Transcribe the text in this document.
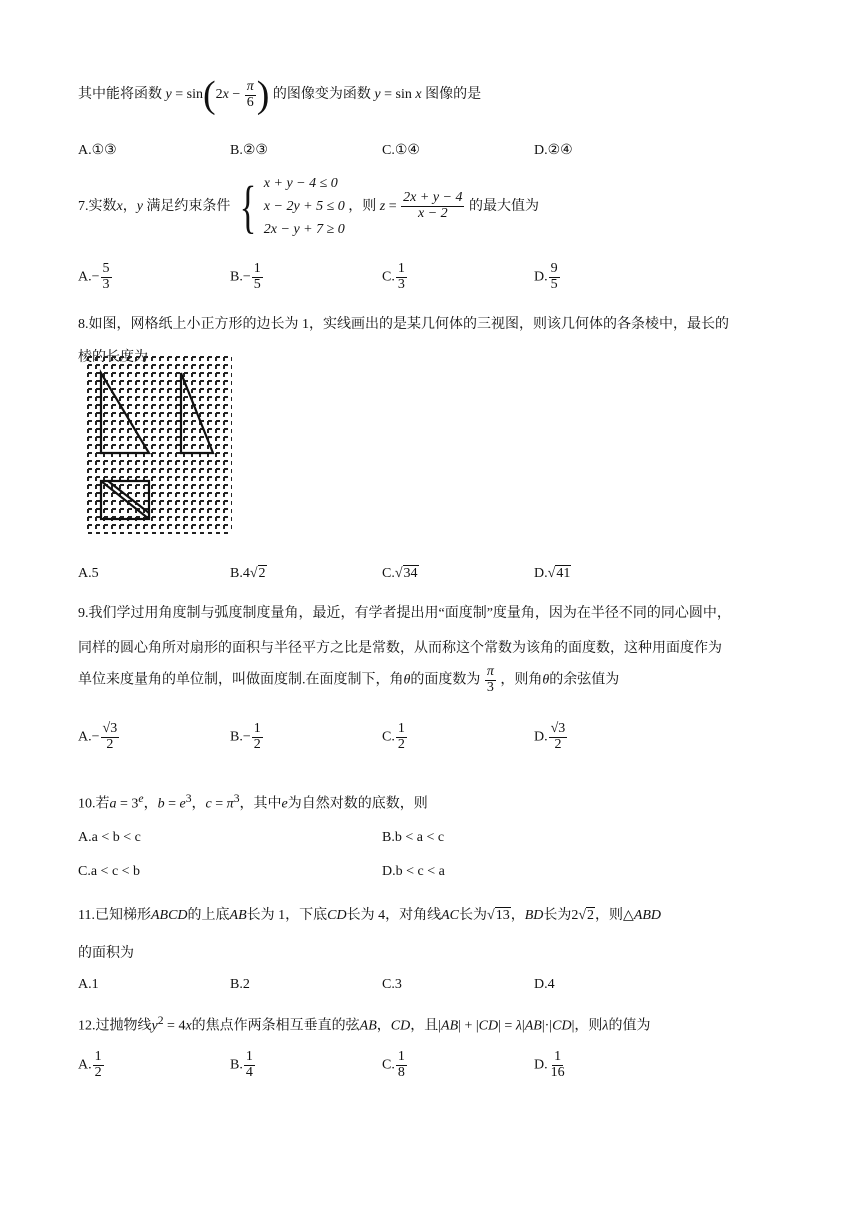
其中能将函数 $y = \sin(2x - \frac{\pi}{6}$ ) 的图像变为函数 y = sin x 图像的是
A.①③	B.②③	C.①④	D.②④
7.实数x，y 满足约束条件 { x + y − 4 ≤ 0
x − 2y + 5 ≤ 0
2x − y + 7 ≥ 0
，则 $z = \frac{2x + y - 4}{x - 2}$ 的最大值为
$A.- \frac{5}{3}$	$B.- \frac{1}{5}$	C. $\frac{1}{3}$	D. $\frac{9}{5}$
8.如图，网格纸上小正方形的边长为 1，实线画出的是某几何体的三视图，则该几何体的各条棱中，最长的
棱的长度为
A.5	B.4√2	C.√34	D.√41
9.我们学过用角度制与弧度制度量角，最近，有学者提出用“面度制”度量角，因为在半径不同的同心圆中，
同样的圆心角所对扇形的面积与半径平方之比是常数，从而称这个常数为该角的面度数，这种用面度作为
单位来度量角的单位制，叫做面度制.在面度制下，角θ的面度数为 $\frac{\pi}{3}$ ，则角θ的余弦值为
$A.- \frac{√3}{2}$	$B.- \frac{1}{2}$	C. $\frac{1}{2}$	D. $\frac{√3}{2}$
10.若$a = 3^e$，$b = e^3$，$c = \pi^3$，其中e为自然对数的底数，则
A.a < b < c	B.b < a < c
C.a < c < b	D.b < c < a
11.已知梯形ABCD的上底AB长为 1，下底CD长为 4，对角线AC长为√13，BD长为2√2，则△ABD
的面积为
A.1	B.2	C.3	D.4
12.过抛物线$y^2 = 4x$的焦点作两条相互垂直的弦AB，CD，且|AB| + |CD| = λ|AB|·|CD|，则λ的值为
A. $\frac{1}{2}$	B. $\frac{1}{4}$	C. $\frac{1}{8}$	D. $\frac{1}{16}$
